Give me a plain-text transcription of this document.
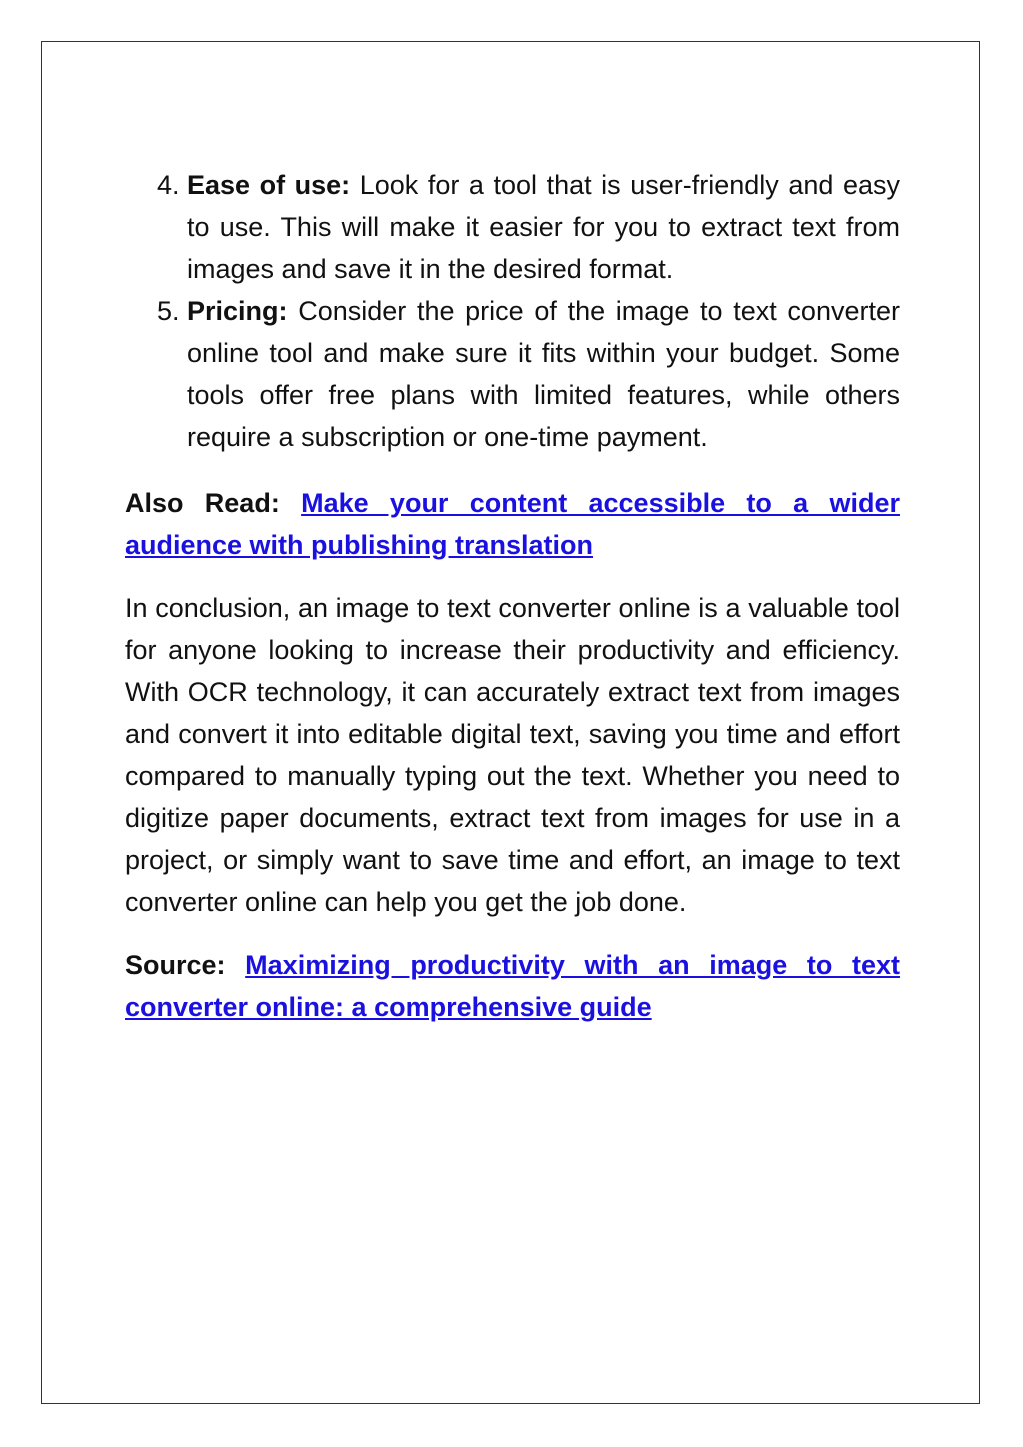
4. Ease of use: Look for a tool that is user-friendly and easy to use. This will make it easier for you to extract text from images and save it in the desired format.
5. Pricing: Consider the price of the image to text converter online tool and make sure it fits within your budget. Some tools offer free plans with limited features, while others require a subscription or one-time payment.

Also Read: Make your content accessible to a wider audience with publishing translation

In conclusion, an image to text converter online is a valuable tool for anyone looking to increase their productivity and efficiency. With OCR technology, it can accurately extract text from images and convert it into editable digital text, saving you time and effort compared to manually typing out the text. Whether you need to digitize paper documents, extract text from images for use in a project, or simply want to save time and effort, an image to text converter online can help you get the job done.

Source: Maximizing productivity with an image to text converter online: a comprehensive guide
